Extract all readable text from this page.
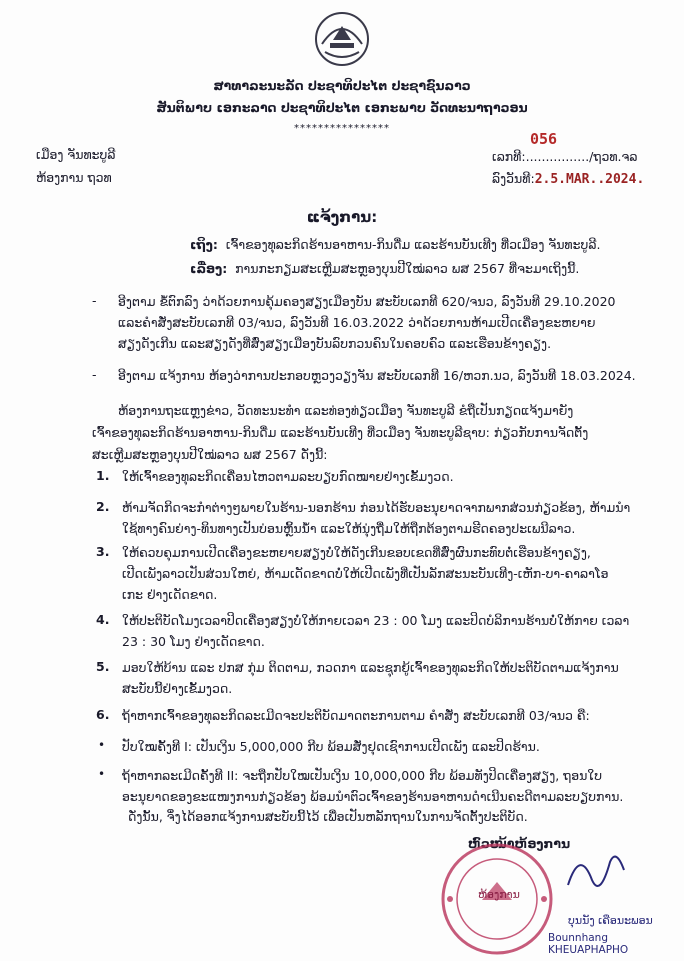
ສາທາລະນະລັດ ປະຊາທິປະໄຕ ປະຊາຊົນລາວ
ສັນຕິພາບ ເອກະລາດ ປະຊາທິປະໄຕ ເອກະພາບ ວັດທະນາຖາວອນ
****************
ເມືອງ ຈັນທະບູລີ
ຫ້ອງການ ຖວທ
056
ເລກທີ:................/ຖວທ.ຈລ
ລົງວັນທີ:2.5.MAR..2024.
ແຈ້ງການ:
ເຖິງ: ເຈົ້າຂອງທຸລະກິດຮ້ານອາຫານ-ກິນດື່ມ ແລະຮ້ານບັນເທີງ ທີ່ວເມືອງ ຈັນທະບູລີ.
ເລື່ອງ: ການກະກຽມສະເຫຼີມສະຫຼອງບຸນປີໃໝ່ລາວ ພສ 2567 ທີ່ຈະມາເຖິງນີ້.
- ອີງຕາມ ຂໍ້ຕົກລົງ ວ່າດ້ວຍການຄຸ້ມຄອງສຽງເມືອງບັນ ສະບັບເລກທີ 620/ຈນວ, ລົງວັນທີ 29.10.2020
ແລະຄໍາສັ່ງສະບັບເລກທີ 03/ຈນວ, ລົງວັນທີ 16.03.2022 ວ່າດ້ວຍການຫ້າມເປີດເຄື່ອງຂະຫຍາຍ
ສຽງດັງເກີນ ແລະສຽງດັງທີ່ສົ່ງສຽງເມືອງບັນລົບກວນຄົນໃນຄອບຄົວ ແລະເຮືອນຂ້າງຄຽງ.
- ອີງຕາມ ແຈ້ງການ ຫ້ອງວ່າການປະກອບຫຼວງວຽງຈັນ ສະບັບເລກທີ 16/ຫວກ.ນວ, ລົງວັນທີ 18.03.2024.
ຫ້ອງການຖະແຫຼງຂ່າວ, ວັດທະນະທໍາ ແລະທ່ອງທ່ຽວເມືອງ ຈັນທະບູລີ ຂໍຖືເປັນກຽດແຈ້ງມາຍັງ
ເຈົ້າຂອງທຸລະກິດຮ້ານອາຫານ-ກິນດື່ມ ແລະຮ້ານບັນເທີງ ທີ່ວເມືອງ ຈັນທະບູລີຊາບ: ກ່ຽວກັບການຈັດຕັ້ງ
ສະເຫຼີມສະຫຼອງບຸນປີໃໝ່ລາວ ພສ 2567 ດັ່ງນີ້:
1. ໃຫ້ເຈົ້າຂອງທຸລະກິດເຄື່ອນໄຫວຕາມລະບຽບກົດໝາຍຢ່າງເຂັ້ມງວດ.
2. ຫ້າມຈັດກິດຈະກໍາຕ່າງໆພາຍໃນຮ້ານ-ນອກຮ້ານ ກ່ອນໄດ້ຮັບອະນຸຍາດຈາກພາກສ່ວນກ່ຽວຂ້ອງ, ຫ້າມນໍາ
ໃຊ້ທາງຄົນຍ່າງ-ທິນທາງເປັນບ່ອນຫຼິ້ນນໍ້າ ແລະໃຫ້ນຸ່ງຖື່ມໃຫ້ຖືກຕ້ອງຕາມຮີດຄອງປະເພນີລາວ.
3. ໃຫ້ຄວບຄຸມການເປີດເຄື່ອງຂະຫຍາຍສຽງບໍ່ໃຫ້ດັງເກີນຂອບເຂດທີ່ສົ່ງຜົນກະທົບຕໍ່ເຮືອນຂ້າງຄຽງ,
ເປີດເພັງລາວເປັນສ່ວນໃຫຍ່, ຫ້າມເດັດຂາດບໍ່ໃຫ້ເປີດເພັງທີ່ເປັນລັກສະນະບັນເທີງ-ເຫັກ-ບາ-ຄາລາໂອ
ເກະ ຢ່າງເດັດຂາດ.
4. ໃຫ້ປະຕິບັດໂມງເວລາປິດເຄື່ອງສຽງບໍ່ໃຫ້ກາຍເວລາ 23 : 00 ໂມງ ແລະປິດບໍລິການຮ້ານບໍ່ໃຫ້ກາຍ ເວລາ
23 : 30 ໂມງ ຢ່າງເດັດຂາດ.
5. ມອບໃຫ້ບ້ານ ແລະ ປກສ ກຸ່ມ ຕິດຕາມ, ກວດກາ ແລະຊຸກຍູ້ເຈົ້າຂອງທຸລະກິດໃຫ້ປະຕິບັດຕາມແຈ້ງການ
ສະບັບນີ້ຢ່າງເຂັ້ມງວດ.
6. ຖ້າຫາກເຈົ້າຂອງທຸລະກິດລະເມີດຈະປະຕິບັດມາດຕະການຕາມ ຄໍາສັ່ງ ສະບັບເລກທີ 03/ຈນວ ຄື:
• ປັບໃໝຄັ້ງທີ I: ເປັນເງິນ 5,000,000 ກີບ ພ້ອມສັ່ງຢຸດເຊົາການເປີດເພັງ ແລະປິດຮ້ານ.
• ຖ້າຫາກລະເມີດຄັ້ງທີ II: ຈະຖືກປັບໃໝເປັນເງິນ 10,000,000 ກີບ ພ້ອມທັງປິດເຄື່ອງສຽງ, ຖອນໃບ
ອະນຸຍາດຂອງຂະແໜງການກ່ຽວຂ້ອງ ພ້ອມນໍາຕົວເຈົ້າຂອງຮ້ານອາຫານດໍາເນີນຄະດີຕາມລະບຽບການ.
ດັ່ງນັ້ນ, ຈຶ່ງໄດ້ອອກແຈ້ງການສະບັບນີ້ໄວ້ ເພື່ອເປັນຫລັກຖານໃນການຈັດຕັ້ງປະຕິບັດ.
ຫົວໜ້າຫ້ອງການ
ຫ້ອງການ
ບຸນນັງ ເຄືອນະພອນ
Bounnhang KHEUAPHAPHO
